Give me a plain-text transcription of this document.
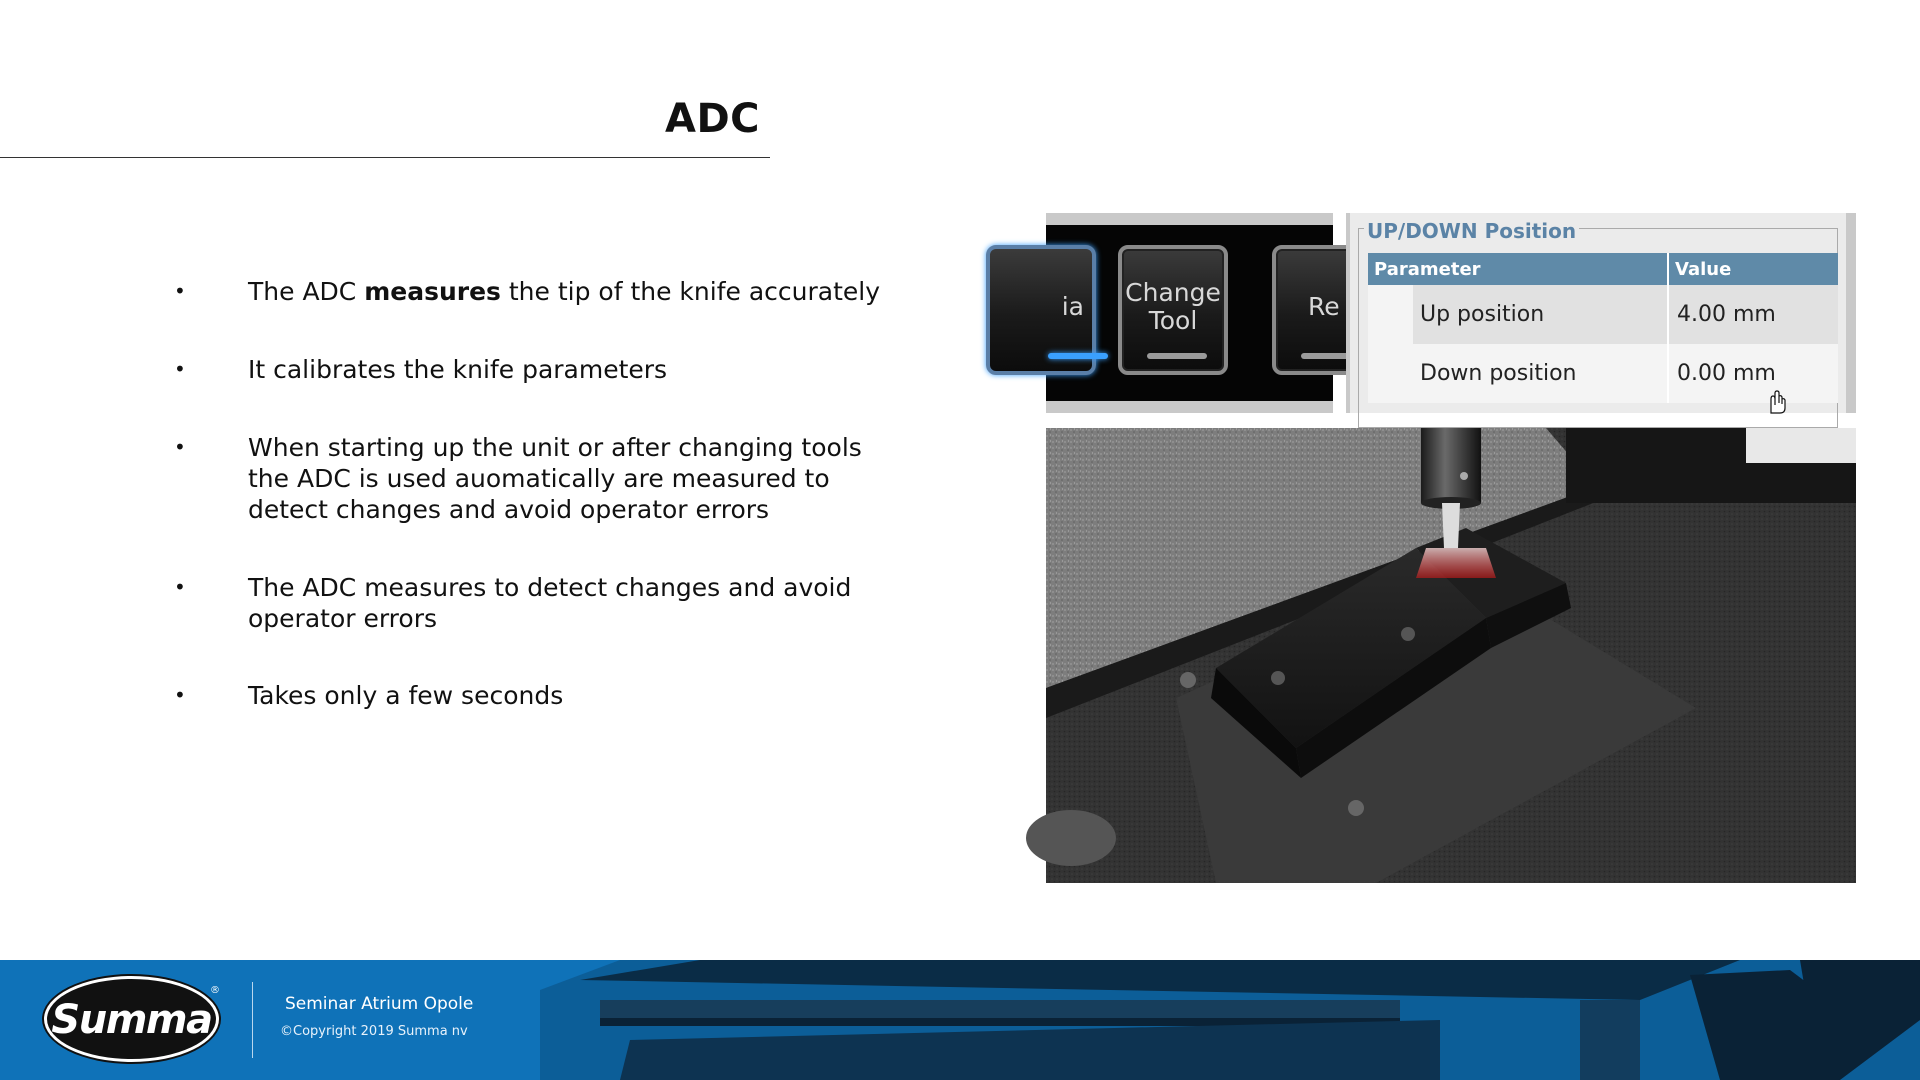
ADC
• The ADC measures the tip of the knife accurately
• It calibrates the knife parameters
• When starting up the unit or after changing tools the ADC is used auomatically are measured to detect changes and avoid operator errors
• The ADC measures to detect changes and avoid operator errors
• Takes only a few seconds
ia Change
Tool	Re
UP/DOWN Position
Parameter	Value
Up position	4.00 mm
Down position	0.00 mm
Summa
®
Seminar Atrium Opole
©Copyright 2019 Summa nv
